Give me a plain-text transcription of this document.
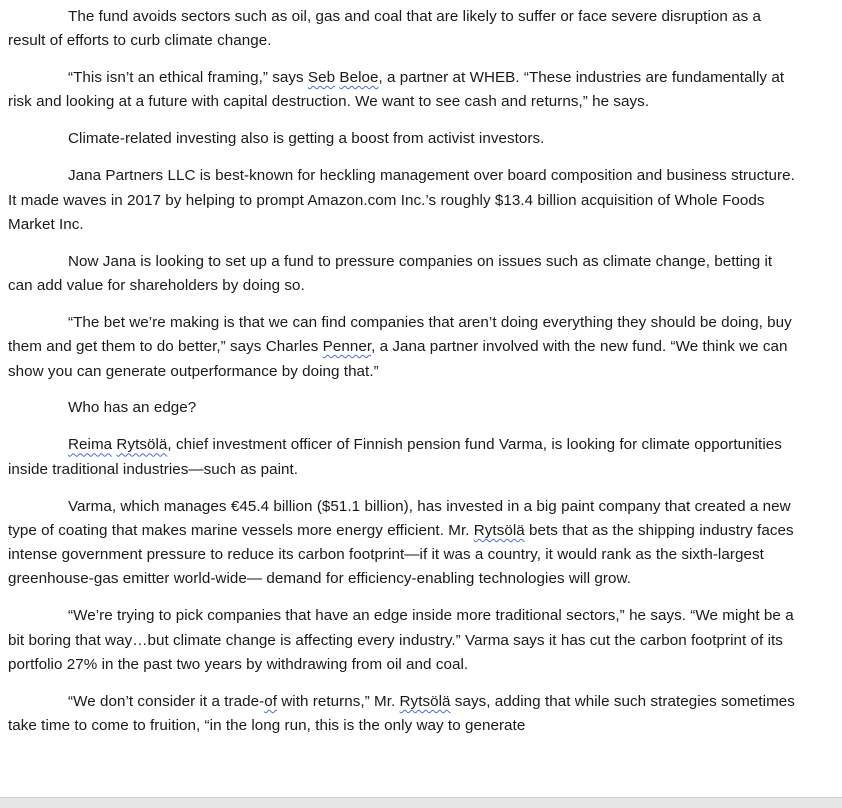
The fund avoids sectors such as oil, gas and coal that are likely to suffer or face severe disruption as a result of efforts to curb climate change.

“This isn’t an ethical framing,” says Seb Beloe, a partner at WHEB. “These industries are fundamentally at risk and looking at a future with capital destruction. We want to see cash and returns,” he says.

Climate-related investing also is getting a boost from activist investors.

Jana Partners LLC is best-known for heckling management over board composition and business structure. It made waves in 2017 by helping to prompt Amazon.com Inc.’s roughly $13.4 billion acquisition of Whole Foods Market Inc.

Now Jana is looking to set up a fund to pressure companies on issues such as climate change, betting it can add value for shareholders by doing so.

“The bet we’re making is that we can find companies that aren’t doing everything they should be doing, buy them and get them to do better,” says Charles Penner, a Jana partner involved with the new fund. “We think we can show you can generate outperformance by doing that.”

Who has an edge?

Reima Rytsölä, chief investment officer of Finnish pension fund Varma, is looking for climate opportunities inside traditional industries—such as paint.

Varma, which manages €45.4 billion ($51.1 billion), has invested in a big paint company that created a new type of coating that makes marine vessels more energy efficient. Mr. Rytsölä bets that as the shipping industry faces intense government pressure to reduce its carbon footprint—if it was a country, it would rank as the sixth-largest greenhouse-gas emitter world-wide— demand for efficiency-enabling technologies will grow.

“We’re trying to pick companies that have an edge inside more traditional sectors,” he says. “We might be a bit boring that way…but climate change is affecting every industry.” Varma says it has cut the carbon footprint of its portfolio 27% in the past two years by withdrawing from oil and coal.

“We don’t consider it a trade-of with returns,” Mr. Rytsölä says, adding that while such strategies sometimes take time to come to fruition, “in the long run, this is the only way to generate
